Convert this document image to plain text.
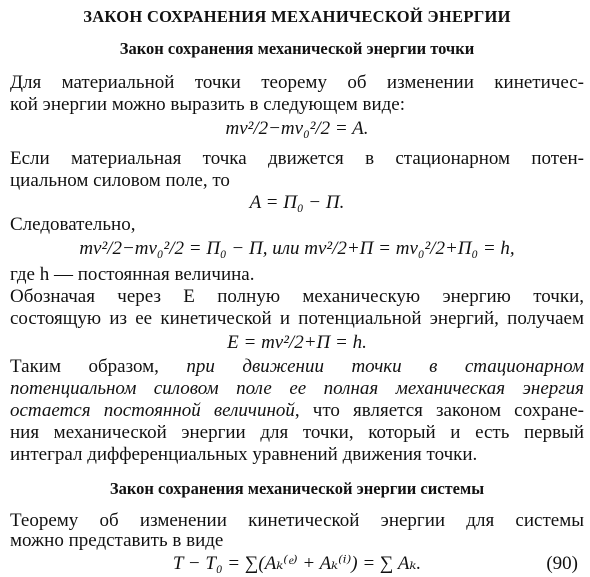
ЗАКОН СОХРАНЕНИЯ МЕХАНИЧЕСКОЙ ЭНЕРГИИ
Закон сохранения механической энергии точки
Для материальной точки теорему об изменении кинетичес-
кой энергии можно выразить в следующем виде:
mv²/2−mv₀²/2 = A.
Если материальная точка движется в стационарном потен-
циальном силовом поле, то
A = Π₀ − Π.
Следовательно,
mv²/2−mv₀²/2 = Π₀ − Π, или mv²/2+Π = mv₀²/2+Π₀ = h,
где h — постоянная величина.
Обозначая через E полную механическую энергию точки,
состоящую из ее кинетической и потенциальной энергий, получаем
E = mv²/2+Π = h.
Таким образом, при движении точки в стационарном
потенциальном силовом поле ее полная механическая энергия
остается постоянной величиной, что является законом сохране-
ния механической энергии для точки, который и есть первый
интеграл дифференциальных уравнений движения точки.
Закон сохранения механической энергии системы
Теорему об изменении кинетической энергии для системы
можно представить в виде
T − T₀ = ∑(Aₖ⁽ᵉ⁾ + Aₖ⁽ⁱ⁾) = ∑ Aₖ.	(90)
